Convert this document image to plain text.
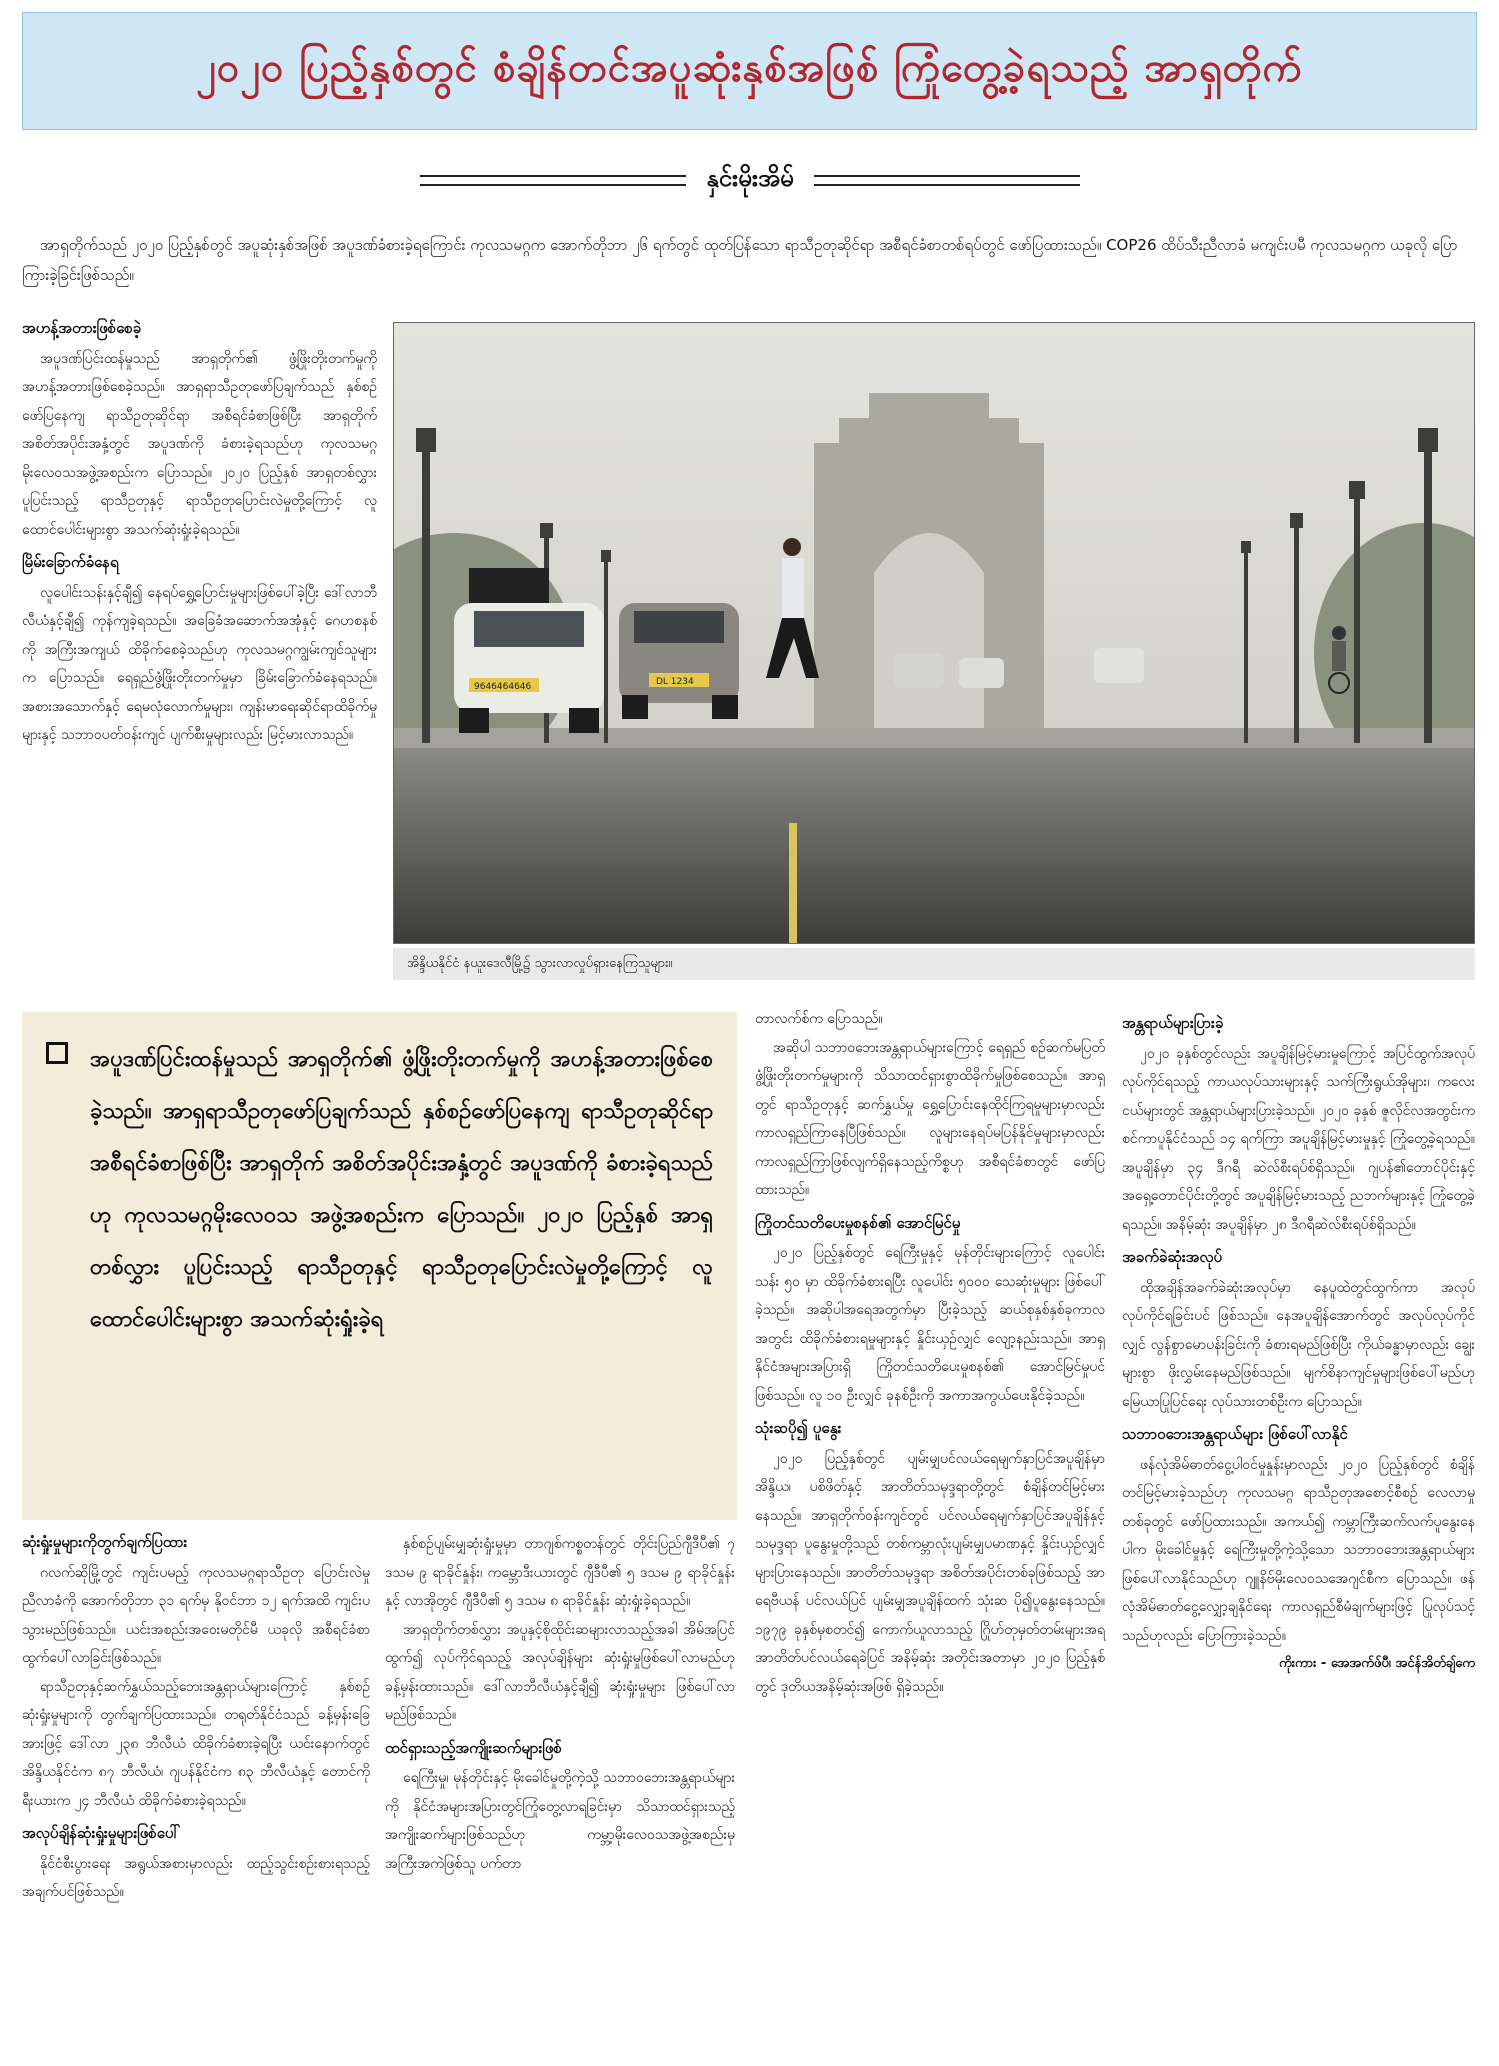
၂၀၂၀ ပြည့်နှစ်တွင် စံချိန်တင်အပူဆုံးနှစ်အဖြစ် ကြုံတွေ့ခဲ့ရသည့် အာရှတိုက်
နှင်းမိုးအိမ်
အာရှတိုက်သည် ၂၀၂၀ ပြည့်နှစ်တွင် အပူဆုံးနှစ်အဖြစ် အပူဒဏ်ခံစားခဲ့ရကြောင်း ကုလသမဂ္ဂက အောက်တိုဘာ ၂၆ ရက်တွင် ထုတ်ပြန်သော ရာသီဥတုဆိုင်ရာ အစီရင်ခံစာတစ်ရပ်တွင် ဖော်ပြထားသည်။ COP26 ထိပ်သီးညီလာခံ မကျင်းပမီ ကုလသမဂ္ဂက ယခုလို ပြောကြားခဲ့ခြင်းဖြစ်သည်။
အဟန့်အတားဖြစ်စေခဲ့

အပူဒဏ်ပြင်းထန်မှုသည် အာရှတိုက်၏ ဖွံ့ဖြိုးတိုးတက်မှုကို အဟန့်အတားဖြစ်စေခဲ့သည်။ အာရှရာသီဥတုဖော်ပြချက်သည် နှစ်စဉ်ဖော်ပြနေကျ ရာသီဥတုဆိုင်ရာ အစီရင်ခံစာဖြစ်ပြီး အာရှတိုက်အစိတ်အပိုင်းအနှံ့တွင် အပူဒဏ်ကို ခံစားခဲ့ရသည်ဟု ကုလသမဂ္ဂ မိုးလေဝသအဖွဲ့အစည်းက ပြောသည်။ ၂၀၂၀ ပြည့်နှစ် အာရှတစ်လွှား ပူပြင်းသည့် ရာသီဥတုနှင့် ရာသီဥတုပြောင်းလဲမှုတို့ကြောင့် လူထောင်ပေါင်းများစွာ အသက်ဆုံးရှုံးခဲ့ရသည်။

မြိမ်းခြောက်ခံနေရ

လူပေါင်းသန်းနှင့်ချီ၍ နေရပ်ရွှေ့ပြောင်းမှုများဖြစ်ပေါ်ခဲ့ပြီး ဒေါ်လာဘီလီယံနှင့်ချီ၍ ကုန်ကျခဲ့ရသည်။ အခြေခံအဆောက်အအုံနှင့် ဂေဟစနစ်ကို အကြီးအကျယ် ထိခိုက်စေခဲ့သည်ဟု ကုလသမဂ္ဂကျွမ်းကျင်သူများက ပြောသည်။ ရေရှည်ဖွံ့ဖြိုးတိုးတက်မှုမှာ ခြိမ်းခြောက်ခံနေရသည်။ အစားအသောက်နှင့် ရေမလုံလောက်မှုများ၊ ကျန်းမာရေးဆိုင်ရာထိခိုက်မှုများနှင့် သဘာဝပတ်ဝန်းကျင် ပျက်စီးမှုများလည်း မြင့်မားလာသည်။

9646464646	DL 1234
အိန္ဒိယနိုင်ငံ နယူးဒေလီမြို့၌ သွားလာလှုပ်ရှားနေကြသူများ။

အပူဒဏ်ပြင်းထန်မှုသည် အာရှတိုက်၏ ဖွံ့ဖြိုးတိုးတက်မှုကို အဟန့်အတားဖြစ်စေခဲ့သည်။ အာရှရာသီဥတုဖော်ပြချက်သည် နှစ်စဉ်ဖော်ပြနေကျ ရာသီဥတုဆိုင်ရာ အစီရင်ခံစာဖြစ်ပြီး အာရှတိုက် အစိတ်အပိုင်းအနှံ့တွင် အပူဒဏ်ကို ခံစားခဲ့ရသည်ဟု ကုလသမဂ္ဂမိုးလေဝသ အဖွဲ့အစည်းက ပြောသည်။ ၂၀၂၀ ပြည့်နှစ် အာရှတစ်လွှား ပူပြင်းသည့် ရာသီဥတုနှင့် ရာသီဥတုပြောင်းလဲမှုတို့ကြောင့် လူထောင်ပေါင်းများစွာ အသက်ဆုံးရှုံးခဲ့ရ

ဆုံးရှုံးမှုများကိုတွက်ချက်ပြထား

ဂလက်ဆိုမြို့တွင် ကျင်းပမည့် ကုလသမဂ္ဂရာသီဥတု ပြောင်းလဲမှုညီလာခံကို အောက်တိုဘာ ၃၁ ရက်မှ နိုဝင်ဘာ ၁၂ ရက်အထိ ကျင်းပသွားမည်ဖြစ်သည်။ ယင်းအစည်းအဝေးမတိုင်မီ ယခုလို အစီရင်ခံစာ ထွက်ပေါ်လာခြင်းဖြစ်သည်။

ရာသီဥတုနှင့်ဆက်နွှယ်သည့်ဘေးအန္တရာယ်များကြောင့် နှစ်စဉ်ဆုံးရှုံးမှုများကို တွက်ချက်ပြထားသည်။ တရုတ်နိုင်ငံသည် ခန့်မှန်းခြေအားဖြင့် ဒေါ်လာ ၂၃၈ ဘီလီယံ ထိခိုက်ခံစားခဲ့ရပြီး ယင်းနောက်တွင် အိန္ဒိယနိုင်ငံက ၈၇ ဘီလီယံ၊ ဂျပန်နိုင်ငံက ၈၃ ဘီလီယံနှင့် တောင်ကိုရီးယားက ၂၄ ဘီလီယံ ထိခိုက်ခံစားခဲ့ရသည်။

အလုပ်ချိန်ဆုံးရှုံးမှုများဖြစ်ပေါ်

နိုင်ငံစီးပွားရေး အရွယ်အစားမှာလည်း ထည့်သွင်းစဉ်းစားရသည့် အချက်ပင်ဖြစ်သည်။

နှစ်စဉ်ပျမ်းမျှဆုံးရှုံးမှုမှာ တာဂျစ်ကစ္စတန်တွင် တိုင်းပြည်ဂျီဒီပီ၏ ၇ ဒသမ ၉ ရာခိုင်နှုန်း၊ ကမ္ဘောဒီးယားတွင် ဂျီဒီပီ၏ ၅ ဒသမ ၉ ရာခိုင်နှုန်းနှင့် လာအိုတွင် ဂျီဒီပီ၏ ၅ ဒသမ ၈ ရာခိုင်နှုန်း ဆုံးရှုံးခဲ့ရသည်။

အာရှတိုက်တစ်လွှား အပူနှင့်စိုထိုင်းဆများလာသည့်အခါ အိမ်အပြင်ထွက်၍ လုပ်ကိုင်ရသည့် အလုပ်ချိန်များ ဆုံးရှုံးမှုဖြစ်ပေါ်လာမည်ဟု ခန့်မှန်းထားသည်။ ဒေါ်လာဘီလီယံနှင့်ချီ၍ ဆုံးရှုံးမှုများ ဖြစ်ပေါ်လာမည်ဖြစ်သည်။

ထင်ရှားသည့်အကျိုးဆက်များဖြစ်

ရေကြီးမှု၊ မုန်တိုင်းနှင့် မိုးခေါင်မှုတို့ကဲ့သို့ သဘာဝဘေးအန္တရာယ်များကို နိုင်ငံအများအပြားတွင်ကြုံတွေ့လာရခြင်းမှာ သိသာထင်ရှားသည့် အကျိုးဆက်များဖြစ်သည်ဟု ကမ္ဘာ့မိုးလေဝသအဖွဲ့အစည်းမှ အကြီးအကဲဖြစ်သူ ပက်တာ

တာလက်စ်က ပြောသည်။

အဆိုပါ သဘာဝဘေးအန္တရာယ်များကြောင့် ရေရှည် စဉ်ဆက်မပြတ် ဖွံ့ဖြိုးတိုးတက်မှုများကို သိသာထင်ရှားစွာထိခိုက်မှုဖြစ်စေသည်။ အာရှတွင် ရာသီဥတုနှင့် ဆက်နွှယ်မှု ရွှေ့ပြောင်းနေထိုင်ကြရမှုများမှာလည်း ကာလရှည်ကြာနေပြီဖြစ်သည်။ လူများနေရပ်မပြန်နိုင်မှုများမှာလည်း ကာလရှည်ကြာဖြစ်လျက်ရှိနေသည့်ကိစ္စဟု အစီရင်ခံစာတွင် ဖော်ပြထားသည်။

ကြိုတင်သတိပေးမှုစနစ်၏ အောင်မြင်မှု

၂၀၂၀ ပြည့်နှစ်တွင် ရေကြီးမှုနှင့် မုန်တိုင်းများကြောင့် လူပေါင်း သန်း ၅၀ မှာ ထိခိုက်ခံစားရပြီး လူပေါင်း ၅၀၀၀ သေဆုံးမှုများ ဖြစ်ပေါ်ခဲ့သည်။ အဆိုပါအရေအတွက်မှာ ပြီးခဲ့သည့် ဆယ်စုနှစ်နှစ်ခုကာလအတွင်း ထိခိုက်ခံစားရမှုများနှင့် နှိုင်းယှဉ်လျှင် လျော့နည်းသည်။ အာရှနိုင်ငံအများအပြားရှိ ကြိုတင်သတိပေးမှုစနစ်၏ အောင်မြင်မှုပင် ဖြစ်သည်။ လူ ၁၀ ဦးလျှင် ခုနစ်ဦးကို အကာအကွယ်ပေးနိုင်ခဲ့သည်။

သုံးဆပို၍ ပူနွေး

၂၀၂၀ ပြည့်နှစ်တွင် ပျမ်းမျှပင်လယ်ရေမျက်နှာပြင်အပူချိန်မှာ အိန္ဒိယ၊ ပစိဖိတ်နှင့် အာတိတ်သမုဒ္ဒရာတို့တွင် စံချိန်တင်မြင့်မားနေသည်။ အာရှတိုက်ဝန်းကျင်တွင် ပင်လယ်ရေမျက်နှာပြင်အပူချိန်နှင့် သမုဒ္ဒရာ ပူနွေးမှုတို့သည် တစ်ကမ္ဘာလုံးပျမ်းမျှပမာဏနှင့် နှိုင်းယှဉ်လျှင် များပြားနေသည်။ အာတိတ်သမုဒ္ဒရာ အစိတ်အပိုင်းတစ်ခုဖြစ်သည့် အာရေဗီယန် ပင်လယ်ပြင် ပျမ်းမျှအပူချိန်ထက် သုံးဆ ပို၍ပူနွေးနေသည်။ ၁၉၇၉ ခုနှစ်မှစတင်၍ ကောက်ယူလာသည့် ဂြိုဟ်တုမှတ်တမ်းများအရ အာတိတ်ပင်လယ်ရေခဲပြင် အနိမ့်ဆုံး အတိုင်းအတာမှာ ၂၀၂၀ ပြည့်နှစ်တွင် ဒုတိယအနိမ့်ဆုံးအဖြစ် ရှိခဲ့သည်။

အန္တရာယ်များပြားခဲ့

၂၀၂၀ ခုနှစ်တွင်လည်း အပူချိန်မြင့်မားမှုကြောင့် အပြင်ထွက်အလုပ်လုပ်ကိုင်ရသည့် ကာယလုပ်သားများနှင့် သက်ကြီးရွယ်အိုများ၊ ကလေးငယ်များတွင် အန္တရာယ်များပြားခဲ့သည်။ ၂၀၂၀ ခုနှစ် ဇူလိုင်လအတွင်းက စင်ကာပူနိုင်ငံသည် ၁၄ ရက်ကြာ အပူချိန်မြင့်မားမှုနှင့် ကြုံတွေ့ခဲ့ရသည်။ အပူချိန်မှာ ၃၄ ဒီဂရီ ဆဲလ်စီးရပ်စ်ရှိသည်။ ဂျပန်၏တောင်ပိုင်းနှင့် အရှေ့တောင်ပိုင်းတို့တွင် အပူချိန်မြင့်မားသည့် ညဘက်များနှင့် ကြုံတွေ့ခဲ့ရသည်။ အနိမ့်ဆုံး အပူချိန်မှာ ၂၈ ဒီဂရီဆဲလ်စီးရပ်စ်ရှိသည်။

အခက်ခဲဆုံးအလုပ်

ထိုအချိန်အခက်ခဲဆုံးအလုပ်မှာ နေပူထဲတွင်ထွက်ကာ အလုပ်လုပ်ကိုင်ရခြင်းပင် ဖြစ်သည်။ နေအပူချိန်အောက်တွင် အလုပ်လုပ်ကိုင်လျှင် လွန်စွာမောပန်းခြင်းကို ခံစားရမည်ဖြစ်ပြီး ကိုယ်ခန္ဓာမှာလည်း ချွေးများစွာ ဖိုးလွှမ်းနေမည်ဖြစ်သည်။ မျက်စိနာကျင်မှုများဖြစ်ပေါ်မည်ဟု မြေယာပြုပြင်ရေး လုပ်သားတစ်ဦးက ပြောသည်။

သဘာဝဘေးအန္တရာယ်များ ဖြစ်ပေါ်လာနိုင်

ဖန်လုံအိမ်ဓာတ်ငွေ့ပါဝင်မှုနှုန်းမှာလည်း ၂၀၂၀ ပြည့်နှစ်တွင် စံချိန်တင်မြင့်မားခဲ့သည်ဟု ကုလသမဂ္ဂ ရာသီဥတုအစောင့်စီစဉ် လေလာမှုတစ်ခုတွင် ဖော်ပြထားသည်။ အကယ်၍ ကမ္ဘာကြီးဆက်လက်ပူနွေးနေပါက မိုးခေါင်မှုနှင့် ရေကြီးမှုတို့ကဲ့သို့သော သဘာဝဘေးအန္တရာယ်များဖြစ်ပေါ်လာနိုင်သည်ဟု ဂျူနိဗ်မိုးလေဝသအေဂျင်စီက ပြောသည်။ ဖန်လုံအိမ်ဓာတ်ငွေ့လျှော့ချနိုင်ရေး ကာလရှည်စီမံချက်များဖြင့် ပြုလုပ်သင့်သည်ဟုလည်း ပြောကြားခဲ့သည်။

ကိုးကား - အေအက်ဖ်ပီ၊ အင်န်အိတ်ချ်ကေ
